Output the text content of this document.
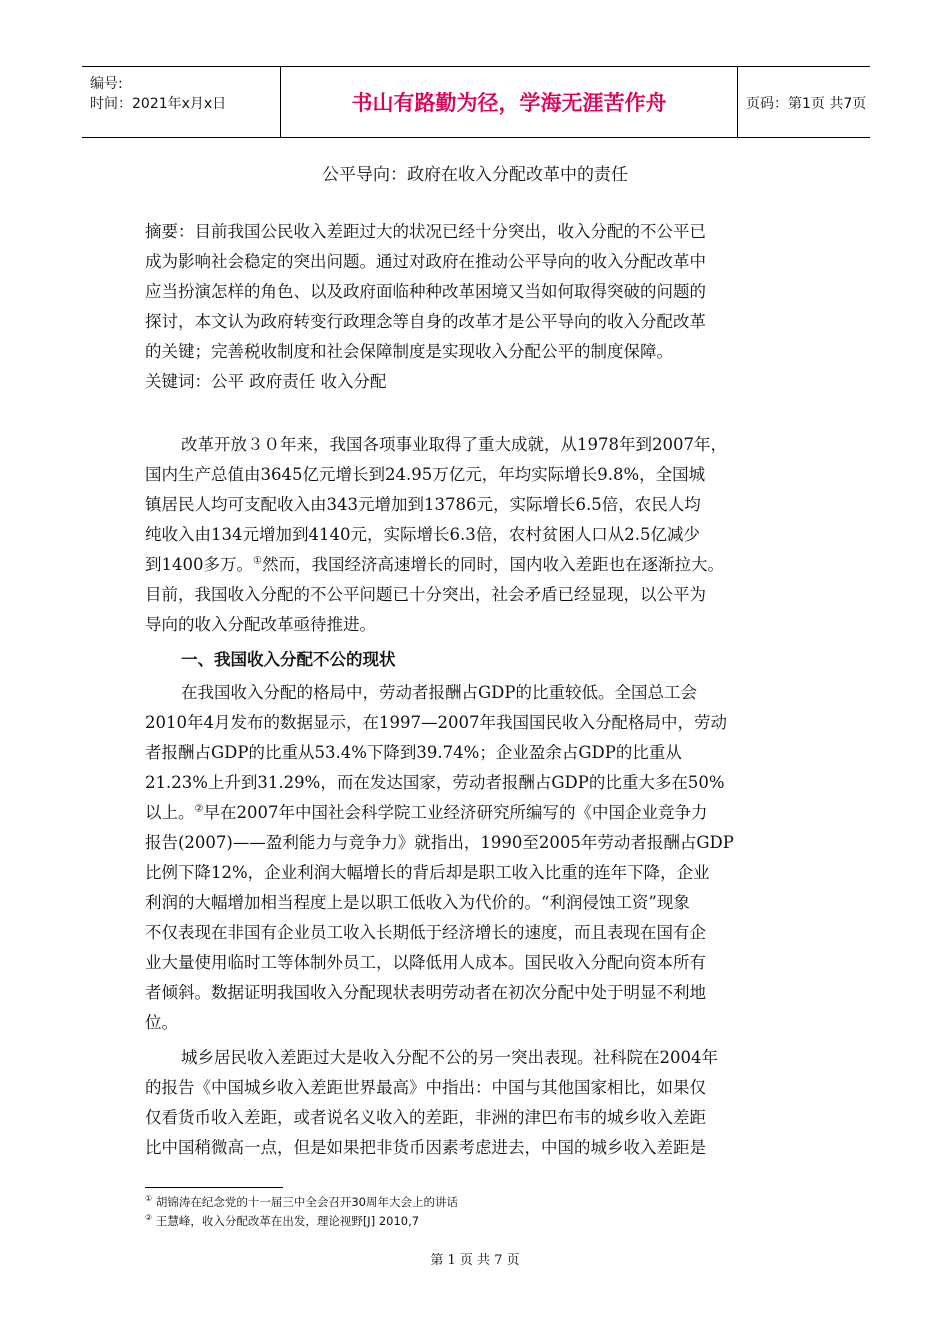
编号:
时间：2021年x月x日	书山有路勤为径，学海无涯苦作舟	页码：第1页 共7页
公平导向：政府在收入分配改革中的责任
摘要：目前我国公民收入差距过大的状况已经十分突出，收入分配的不公平已
成为影响社会稳定的突出问题。通过对政府在推动公平导向的收入分配改革中
应当扮演怎样的角色、以及政府面临种种改革困境又当如何取得突破的问题的
探讨，本文认为政府转变行政理念等自身的改革才是公平导向的收入分配改革
的关键；完善税收制度和社会保障制度是实现收入分配公平的制度保障。
关键词：公平 政府责任 收入分配
改革开放３０年来，我国各项事业取得了重大成就，从1978年到2007年，
国内生产总值由3645亿元增长到24.95万亿元，年均实际增长9.8%，全国城
镇居民人均可支配收入由343元增加到13786元，实际增长6.5倍，农民人均
纯收入由134元增加到4140元，实际增长6.3倍，农村贫困人口从2.5亿减少
到1400多万。①然而，我国经济高速增长的同时，国内收入差距也在逐渐拉大。
目前，我国收入分配的不公平问题已十分突出，社会矛盾已经显现，以公平为
导向的收入分配改革亟待推进。
一、我国收入分配不公的现状
在我国收入分配的格局中，劳动者报酬占GDP的比重较低。全国总工会
2010年4月发布的数据显示，在1997—2007年我国国民收入分配格局中，劳动
者报酬占GDP的比重从53.4%下降到39.74%；企业盈余占GDP的比重从
21.23%上升到31.29%，而在发达国家，劳动者报酬占GDP的比重大多在50%
以上。②早在2007年中国社会科学院工业经济研究所编写的《中国企业竞争力
报告(2007)——盈利能力与竞争力》就指出，1990至2005年劳动者报酬占GDP
比例下降12%，企业利润大幅增长的背后却是职工收入比重的连年下降，企业
利润的大幅增加相当程度上是以职工低收入为代价的。“利润侵蚀工资”现象
不仅表现在非国有企业员工收入长期低于经济增长的速度，而且表现在国有企
业大量使用临时工等体制外员工，以降低用人成本。国民收入分配向资本所有
者倾斜。数据证明我国收入分配现状表明劳动者在初次分配中处于明显不利地
位。
城乡居民收入差距过大是收入分配不公的另一突出表现。社科院在2004年
的报告《中国城乡收入差距世界最高》中指出：中国与其他国家相比，如果仅
仅看货币收入差距，或者说名义收入的差距，非洲的津巴布韦的城乡收入差距
比中国稍微高一点，但是如果把非货币因素考虑进去，中国的城乡收入差距是
① 胡锦涛在纪念党的十一届三中全会召开30周年大会上的讲话
② 王慧峰，收入分配改革在出发，理论视野[J] 2010,7
第 1 页 共 7 页
